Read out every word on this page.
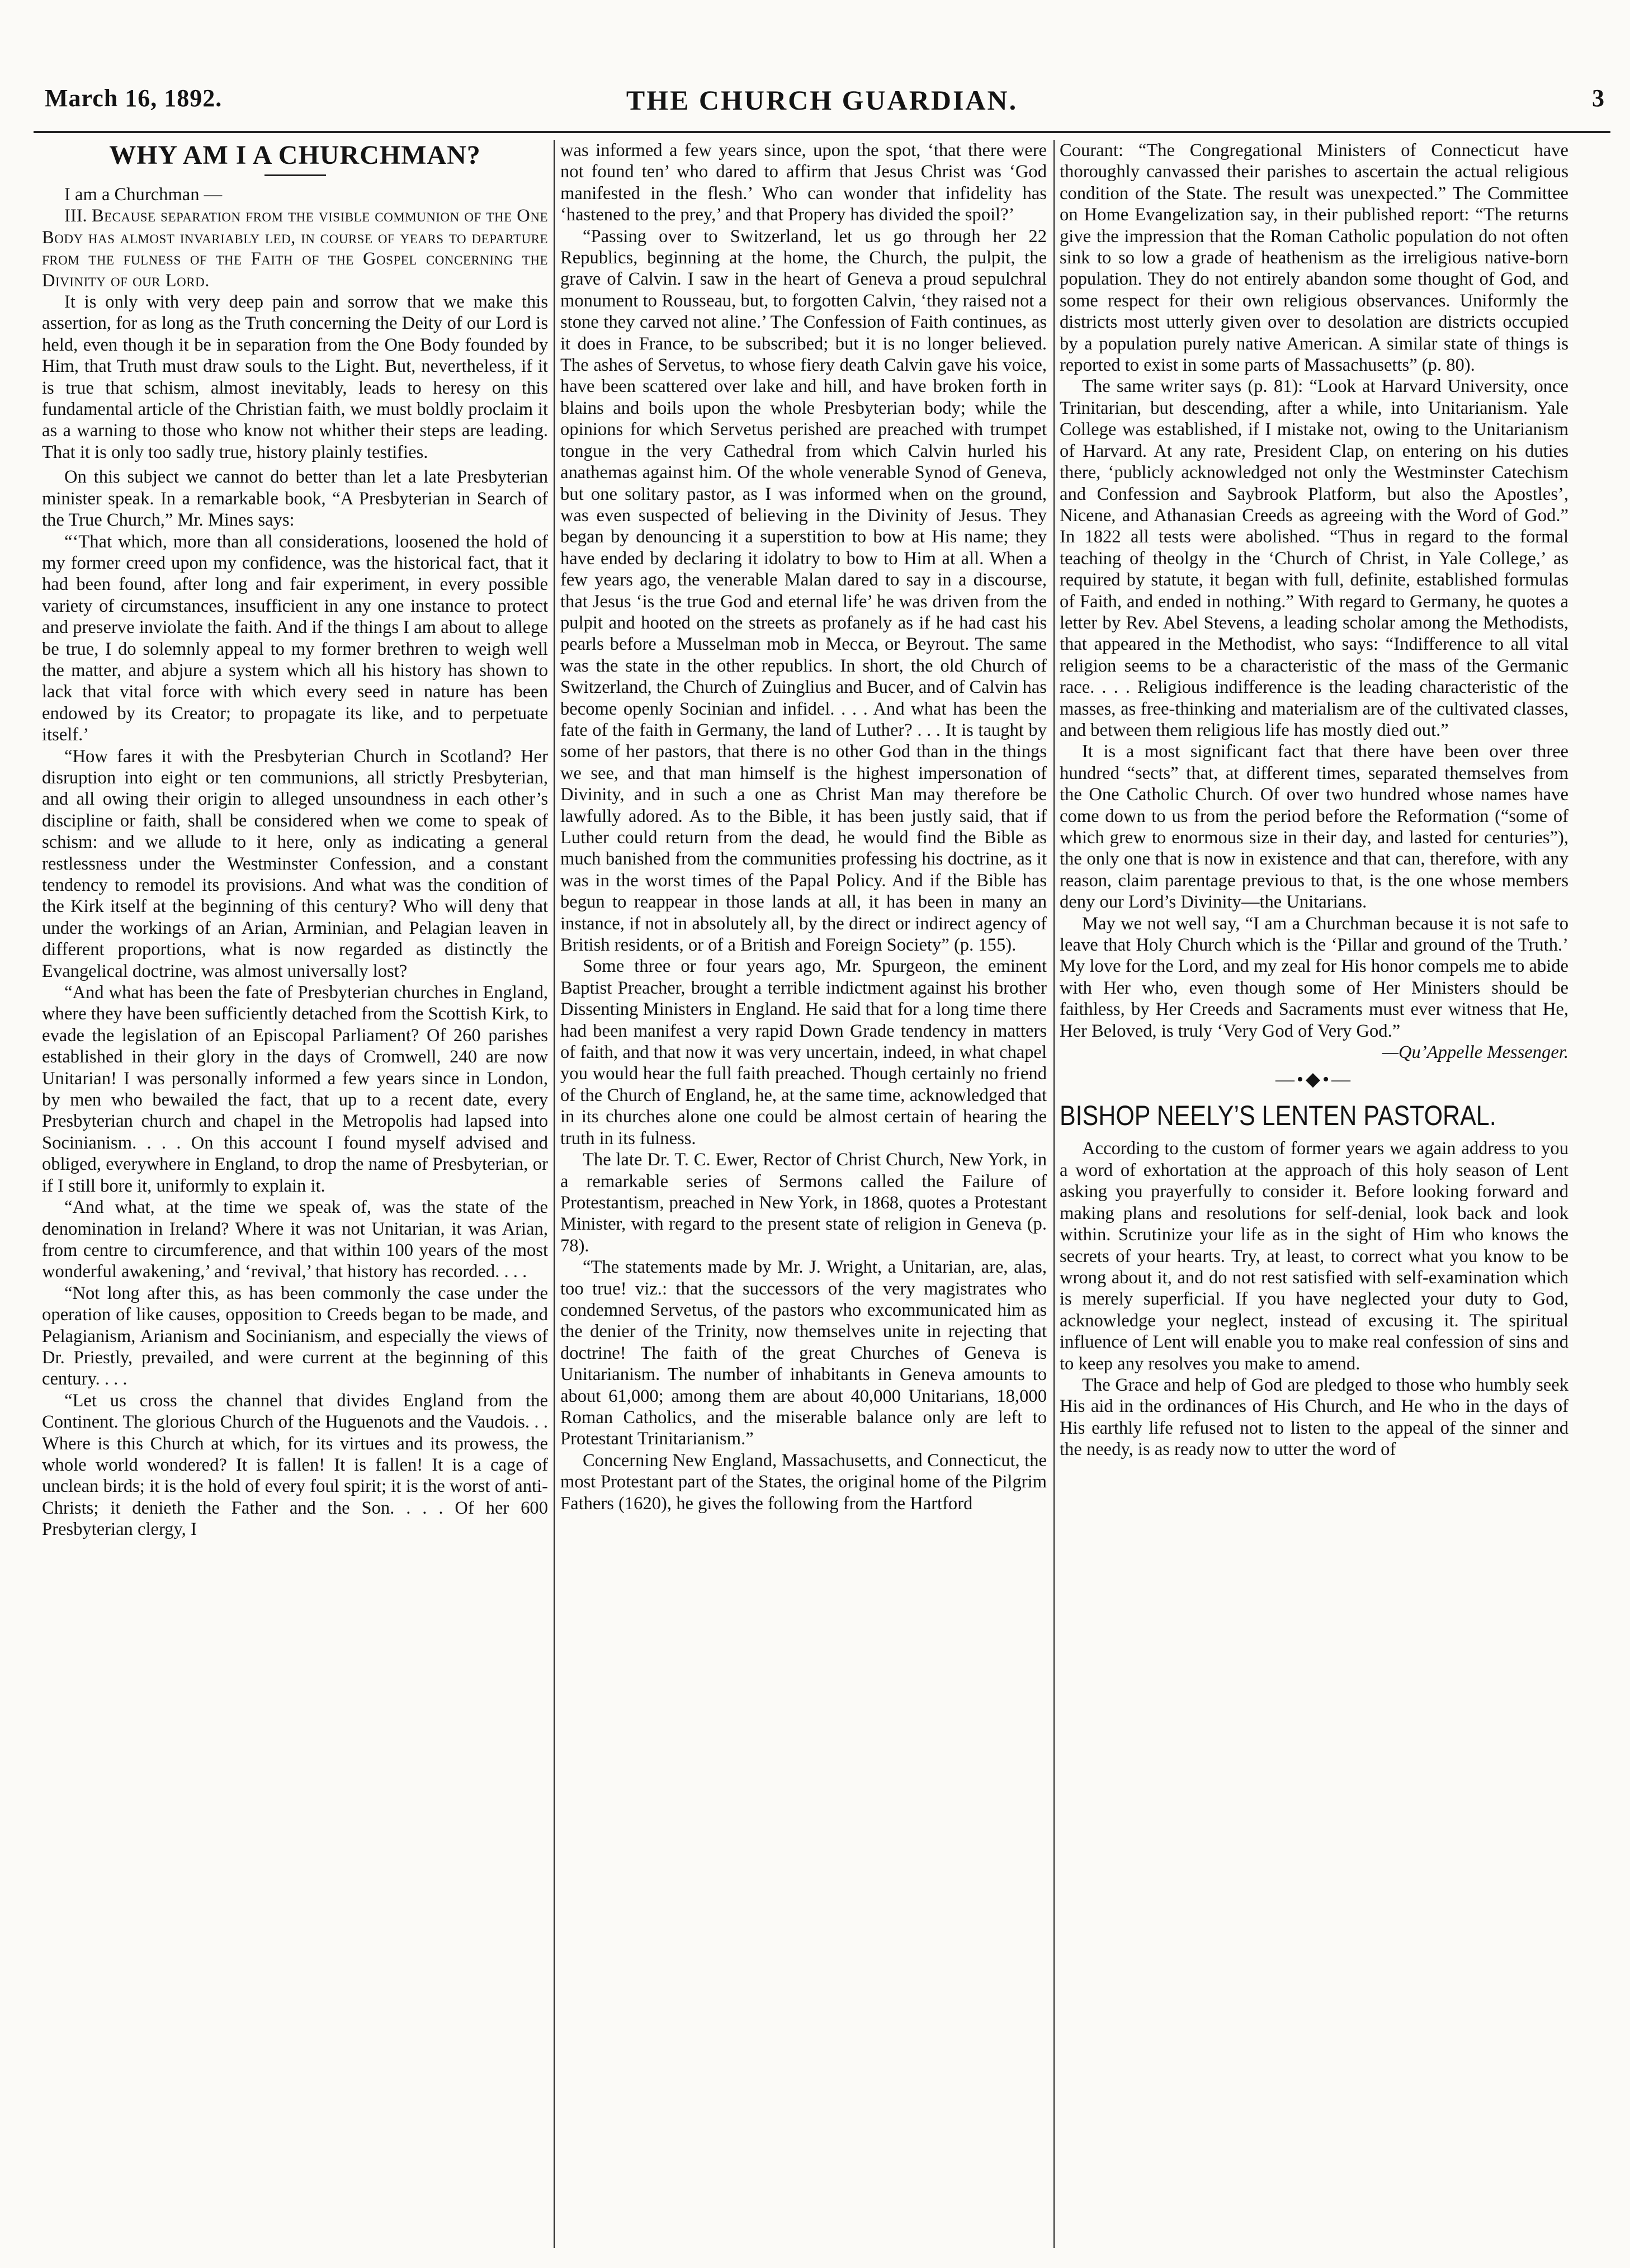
March 16, 1892.	THE CHURCH GUARDIAN.	3
WHY AM I A CHURCHMAN?

I am a Churchman —

III. Because separation from the visible communion of the One Body has almost invariably led, in course of years to departure from the fulness of the Faith of the Gospel concerning the Divinity of our Lord.

It is only with very deep pain and sorrow that we make this assertion, for as long as the Truth concerning the Deity of our Lord is held, even though it be in separation from the One Body founded by Him, that Truth must draw souls to the Light. But, nevertheless, if it is true that schism, almost inevitably, leads to heresy on this fundamental article of the Christian faith, we must boldly proclaim it as a warning to those who know not whither their steps are leading. That it is only too sadly true, history plainly testifies.

On this subject we cannot do better than let a late Presbyterian minister speak. In a remarkable book, “A Presbyterian in Search of the True Church,” Mr. Mines says:

“‘That which, more than all considerations, loosened the hold of my former creed upon my confidence, was the historical fact, that it had been found, after long and fair experiment, in every possible variety of circumstances, insufficient in any one instance to protect and preserve inviolate the faith. And if the things I am about to allege be true, I do solemnly appeal to my former brethren to weigh well the matter, and abjure a system which all his history has shown to lack that vital force with which every seed in nature has been endowed by its Creator; to propagate its like, and to perpetuate itself.’

“How fares it with the Presbyterian Church in Scotland? Her disruption into eight or ten communions, all strictly Presbyterian, and all owing their origin to alleged unsoundness in each other’s discipline or faith, shall be considered when we come to speak of schism: and we allude to it here, only as indicating a general restlessness under the Westminster Confession, and a constant tendency to remodel its provisions. And what was the condition of the Kirk itself at the beginning of this century? Who will deny that under the workings of an Arian, Arminian, and Pelagian leaven in different proportions, what is now regarded as distinctly the Evangelical doctrine, was almost universally lost?

“And what has been the fate of Presbyterian churches in England, where they have been sufficiently detached from the Scottish Kirk, to evade the legislation of an Episcopal Parliament? Of 260 parishes established in their glory in the days of Cromwell, 240 are now Unitarian! I was personally informed a few years since in London, by men who bewailed the fact, that up to a recent date, every Presbyterian church and chapel in the Metropolis had lapsed into Socinianism. . . . On this account I found myself advised and obliged, everywhere in England, to drop the name of Presbyterian, or if I still bore it, uniformly to explain it.

“And what, at the time we speak of, was the state of the denomination in Ireland? Where it was not Unitarian, it was Arian, from centre to circumference, and that within 100 years of the most wonderful awakening,’ and ‘revival,’ that history has recorded. . . .

“Not long after this, as has been commonly the case under the operation of like causes, opposition to Creeds began to be made, and Pelagianism, Arianism and Socinianism, and especially the views of Dr. Priestly, prevailed, and were current at the beginning of this century. . . .

“Let us cross the channel that divides England from the Continent. The glorious Church of the Huguenots and the Vaudois. . . Where is this Church at which, for its virtues and its prowess, the whole world wondered? It is fallen! It is fallen! It is a cage of unclean birds; it is the hold of every foul spirit; it is the worst of anti-Christs; it denieth the Father and the Son. . . . Of her 600 Presbyterian clergy, I

was informed a few years since, upon the spot, ‘that there were not found ten’ who dared to affirm that Jesus Christ was ‘God manifested in the flesh.’ Who can wonder that infidelity has ‘hastened to the prey,’ and that Propery has divided the spoil?’

“Passing over to Switzerland, let us go through her 22 Republics, beginning at the home, the Church, the pulpit, the grave of Calvin. I saw in the heart of Geneva a proud sepulchral monument to Rousseau, but, to forgotten Calvin, ‘they raised not a stone they carved not aline.’ The Confession of Faith continues, as it does in France, to be subscribed; but it is no longer believed. The ashes of Servetus, to whose fiery death Calvin gave his voice, have been scattered over lake and hill, and have broken forth in blains and boils upon the whole Presbyterian body; while the opinions for which Servetus perished are preached with trumpet tongue in the very Cathedral from which Calvin hurled his anathemas against him. Of the whole venerable Synod of Geneva, but one solitary pastor, as I was informed when on the ground, was even suspected of believing in the Divinity of Jesus. They began by denouncing it a superstition to bow at His name; they have ended by declaring it idolatry to bow to Him at all. When a few years ago, the venerable Malan dared to say in a discourse, that Jesus ‘is the true God and eternal life’ he was driven from the pulpit and hooted on the streets as profanely as if he had cast his pearls before a Musselman mob in Mecca, or Beyrout. The same was the state in the other republics. In short, the old Church of Switzerland, the Church of Zuinglius and Bucer, and of Calvin has become openly Socinian and infidel. . . . And what has been the fate of the faith in Germany, the land of Luther? . . . It is taught by some of her pastors, that there is no other God than in the things we see, and that man himself is the highest impersonation of Divinity, and in such a one as Christ Man may therefore be lawfully adored. As to the Bible, it has been justly said, that if Luther could return from the dead, he would find the Bible as much banished from the communities professing his doctrine, as it was in the worst times of the Papal Policy. And if the Bible has begun to reappear in those lands at all, it has been in many an instance, if not in absolutely all, by the direct or indirect agency of British residents, or of a British and Foreign Society” (p. 155).

Some three or four years ago, Mr. Spurgeon, the eminent Baptist Preacher, brought a terrible indictment against his brother Dissenting Ministers in England. He said that for a long time there had been manifest a very rapid Down Grade tendency in matters of faith, and that now it was very uncertain, indeed, in what chapel you would hear the full faith preached. Though certainly no friend of the Church of England, he, at the same time, acknowledged that in its churches alone one could be almost certain of hearing the truth in its fulness.

The late Dr. T. C. Ewer, Rector of Christ Church, New York, in a remarkable series of Sermons called the Failure of Protestantism, preached in New York, in 1868, quotes a Protestant Minister, with regard to the present state of religion in Geneva (p. 78).

“The statements made by Mr. J. Wright, a Unitarian, are, alas, too true! viz.: that the successors of the very magistrates who condemned Servetus, of the pastors who excommunicated him as the denier of the Trinity, now themselves unite in rejecting that doctrine! The faith of the great Churches of Geneva is Unitarianism. The number of inhabitants in Geneva amounts to about 61,000; among them are about 40,000 Unitarians, 18,000 Roman Catholics, and the miserable balance only are left to Protestant Trinitarianism.”

Concerning New England, Massachusetts, and Connecticut, the most Protestant part of the States, the original home of the Pilgrim Fathers (1620), he gives the following from the Hartford

Courant: “The Congregational Ministers of Connecticut have thoroughly canvassed their parishes to ascertain the actual religious condition of the State. The result was unexpected.” The Committee on Home Evangelization say, in their published report: “The returns give the impression that the Roman Catholic population do not often sink to so low a grade of heathenism as the irreligious native-born population. They do not entirely abandon some thought of God, and some respect for their own religious observances. Uniformly the districts most utterly given over to desolation are districts occupied by a population purely native American. A similar state of things is reported to exist in some parts of Massachusetts” (p. 80).

The same writer says (p. 81): “Look at Harvard University, once Trinitarian, but descending, after a while, into Unitarianism. Yale College was established, if I mistake not, owing to the Unitarianism of Harvard. At any rate, President Clap, on entering on his duties there, ‘publicly acknowledged not only the Westminster Catechism and Confession and Saybrook Platform, but also the Apostles’, Nicene, and Athanasian Creeds as agreeing with the Word of God.” In 1822 all tests were abolished. “Thus in regard to the formal teaching of theolgy in the ‘Church of Christ, in Yale College,’ as required by statute, it began with full, definite, established formulas of Faith, and ended in nothing.” With regard to Germany, he quotes a letter by Rev. Abel Stevens, a leading scholar among the Methodists, that appeared in the Methodist, who says: “Indifference to all vital religion seems to be a characteristic of the mass of the Germanic race. . . . Religious indifference is the leading characteristic of the masses, as free-thinking and materialism are of the cultivated classes, and between them religious life has mostly died out.”

It is a most significant fact that there have been over three hundred “sects” that, at different times, separated themselves from the One Catholic Church. Of over two hundred whose names have come down to us from the period before the Reformation (“some of which grew to enormous size in their day, and lasted for centuries”), the only one that is now in existence and that can, therefore, with any reason, claim parentage previous to that, is the one whose members deny our Lord’s Divinity—the Unitarians.

May we not well say, “I am a Churchman because it is not safe to leave that Holy Church which is the ‘Pillar and ground of the Truth.’ My love for the Lord, and my zeal for His honor compels me to abide with Her who, even though some of Her Ministers should be faithless, by Her Creeds and Sacraments must ever witness that He, Her Beloved, is truly ‘Very God of Very God.”

—Qu’Appelle Messenger.

—•◆•—
BISHOP NEELY’S LENTEN PASTORAL.

According to the custom of former years we again address to you a word of exhortation at the approach of this holy season of Lent asking you prayerfully to consider it. Before looking forward and making plans and resolutions for self-denial, look back and look within. Scrutinize your life as in the sight of Him who knows the secrets of your hearts. Try, at least, to correct what you know to be wrong about it, and do not rest satisfied with self-examination which is merely superficial. If you have neglected your duty to God, acknowledge your neglect, instead of excusing it. The spiritual influence of Lent will enable you to make real confession of sins and to keep any resolves you make to amend.

The Grace and help of God are pledged to those who humbly seek His aid in the ordinances of His Church, and He who in the days of His earthly life refused not to listen to the appeal of the sinner and the needy, is as ready now to utter the word of
